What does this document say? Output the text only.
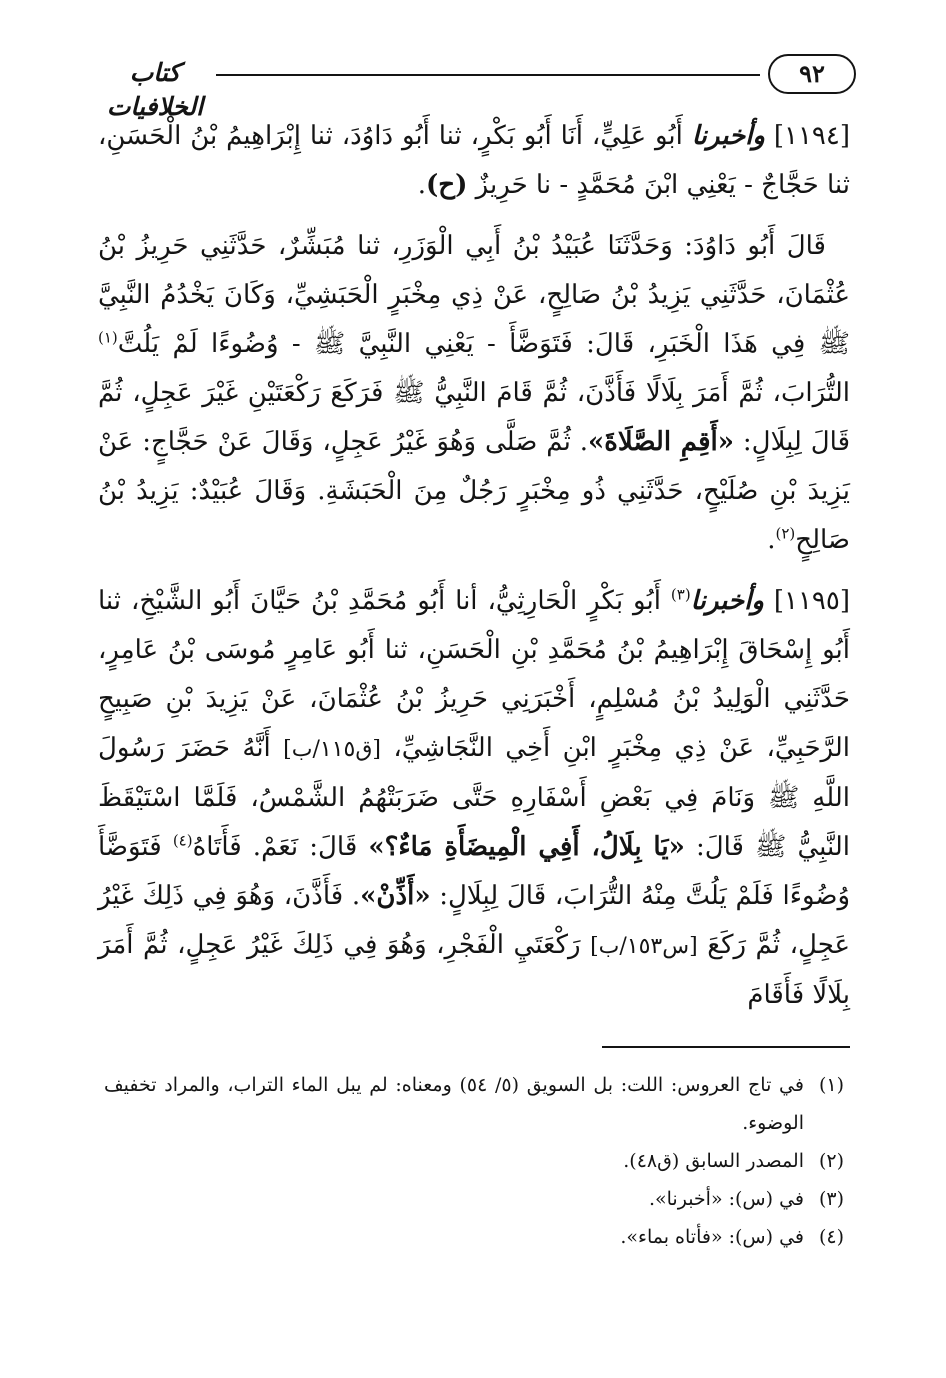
٩٢
كتاب الخلافيات

[١١٩٤] وأخبرنا أَبُو عَلِيٍّ، أَنَا أَبُو بَكْرٍ، ثنا أَبُو دَاوُدَ، ثنا إِبْرَاهِيمُ بْنُ الْحَسَنِ، ثنا حَجَّاجٌ - يَعْنِي ابْنَ مُحَمَّدٍ - نا حَرِيزٌ (ح).

قَالَ أَبُو دَاوُدَ: وَحَدَّثَنَا عُبَيْدُ بْنُ أَبِي الْوَزَرِ، ثنا مُبَشِّرٌ، حَدَّثَنِي حَرِيزُ بْنُ عُثْمَانَ، حَدَّثَنِي يَزِيدُ بْنُ صَالِحٍ، عَنْ ذِي مِخْبَرٍ الْحَبَشِيِّ، وَكَانَ يَخْدُمُ النَّبِيَّ ﷺ فِي هَذَا الْخَبَرِ، قَالَ: فَتَوَضَّأَ - يَعْنِي النَّبِيَّ ﷺ - وُضُوءًا لَمْ يَلُتَّ$^{(١)}$ التُّرَابَ، ثُمَّ أَمَرَ بِلَالًا فَأَذَّنَ، ثُمَّ قَامَ النَّبِيُّ ﷺ فَرَكَعَ رَكْعَتَيْنِ غَيْرَ عَجِلٍ، ثُمَّ قَالَ لِبِلَالٍ: «أَقِمِ الصَّلَاةَ». ثُمَّ صَلَّى وَهُوَ غَيْرُ عَجِلٍ، وَقَالَ عَنْ حَجَّاجٍ: عَنْ يَزِيدَ بْنِ صُلَيْحٍ، حَدَّثَنِي ذُو مِخْبَرٍ رَجُلٌ مِنَ الْحَبَشَةِ. وَقَالَ عُبَيْدٌ: يَزِيدُ بْنُ صَالِحٍ$^{(٢)}$.

[١١٩٥] وأخبرنا$^{(٣)}$ أَبُو بَكْرٍ الْحَارِثِيُّ، أنا أَبُو مُحَمَّدِ بْنُ حَيَّانَ أَبُو الشَّيْخِ، ثنا أَبُو إِسْحَاقَ إِبْرَاهِيمُ بْنُ مُحَمَّدِ بْنِ الْحَسَنِ، ثنا أَبُو عَامِرٍ مُوسَى بْنُ عَامِرٍ، حَدَّثَنِي الْوَلِيدُ بْنُ مُسْلِمٍ، أَخْبَرَنِي حَرِيزُ بْنُ عُثْمَانَ، عَنْ يَزِيدَ بْنِ صَبِيحٍ الرَّحَبِيِّ، عَنْ ذِي مِخْبَرٍ ابْنِ أَخِي النَّجَاشِيِّ، [ق١١٥/ب] أَنَّهُ حَضَرَ رَسُولَ اللَّهِ ﷺ وَنَامَ فِي بَعْضِ أَسْفَارِهِ حَتَّى ضَرَبَتْهُمُ الشَّمْسُ، فَلَمَّا اسْتَيْقَظَ النَّبِيُّ ﷺ قَالَ: «يَا بِلَالُ، أَفِي الْمِيضَأَةِ مَاءٌ؟» قَالَ: نَعَمْ. فَأَتَاهُ$^{(٤)}$ فَتَوَضَّأَ وُضُوءًا فَلَمْ يَلُتَّ مِنْهُ التُّرَابَ، قَالَ لِبِلَالٍ: «أَذِّنْ». فَأَذَّنَ، وَهُوَ فِي ذَلِكَ غَيْرُ عَجِلٍ، ثُمَّ رَكَعَ [س١٥٣/ب] رَكْعَتَيِ الْفَجْرِ، وَهُوَ فِي ذَلِكَ غَيْرُ عَجِلٍ، ثُمَّ أَمَرَ بِلَالًا فَأَقَامَ

(١)
في تاج العروس: اللت: بل السويق (٥/ ٥٤) ومعناه: لم يبل الماء التراب، والمراد تخفيف الوضوء.
(٢)
المصدر السابق (ق٤٨).
(٣)
في (س): «أخبرنا».
(٤)
في (س): «فأتاه بماء».
